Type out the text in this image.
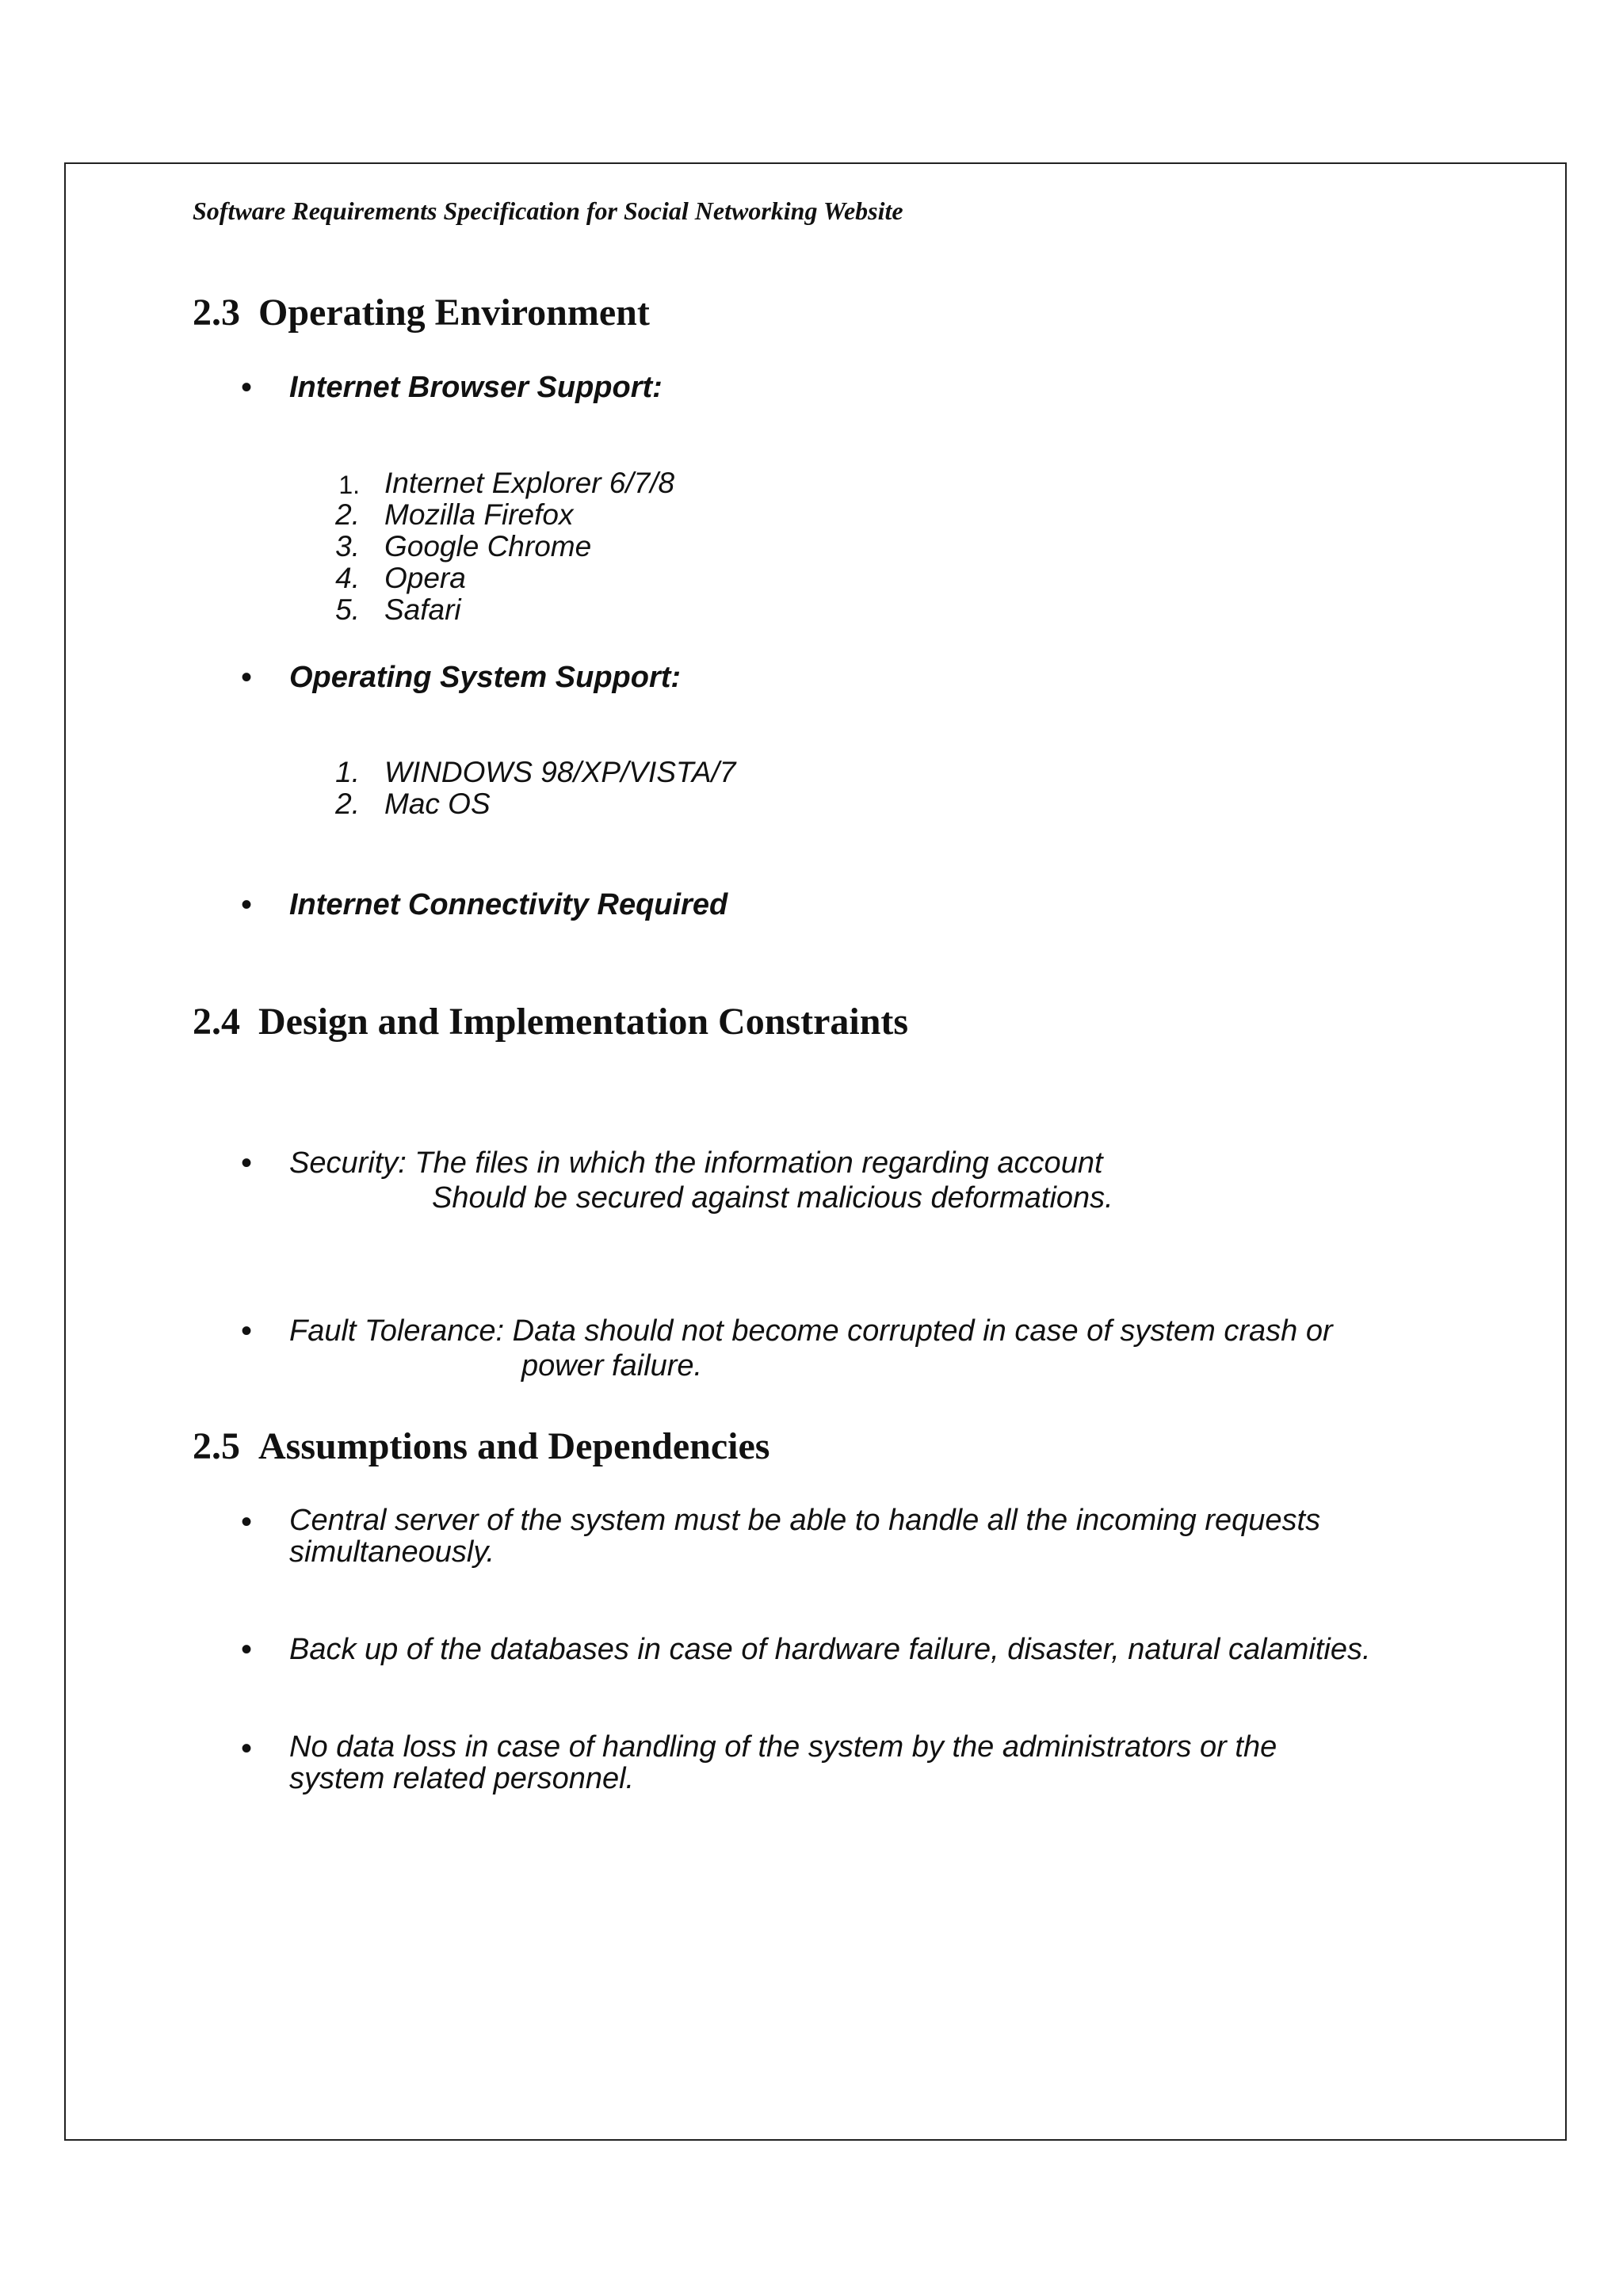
Software Requirements Specification for Social Networking Website

2.3 Operating Environment
• Internet Browser Support:
1. Internet Explorer 6/7/8
2. Mozilla Firefox
3. Google Chrome
4. Opera
5. Safari
• Operating System Support:
1. WINDOWS 98/XP/VISTA/7
2. Mac OS
• Internet Connectivity Required
2.4 Design and Implementation Constraints
• Security: The files in which the information regarding account
Should be secured against malicious deformations.
• Fault Tolerance: Data should not become corrupted in case of system crash or
power failure.
2.5 Assumptions and Dependencies
• Central server of the system must be able to handle all the incoming requests simultaneously.

• Back up of the databases in case of hardware failure, disaster, natural calamities.

• No data loss in case of handling of the system by the administrators or the system related personnel.
